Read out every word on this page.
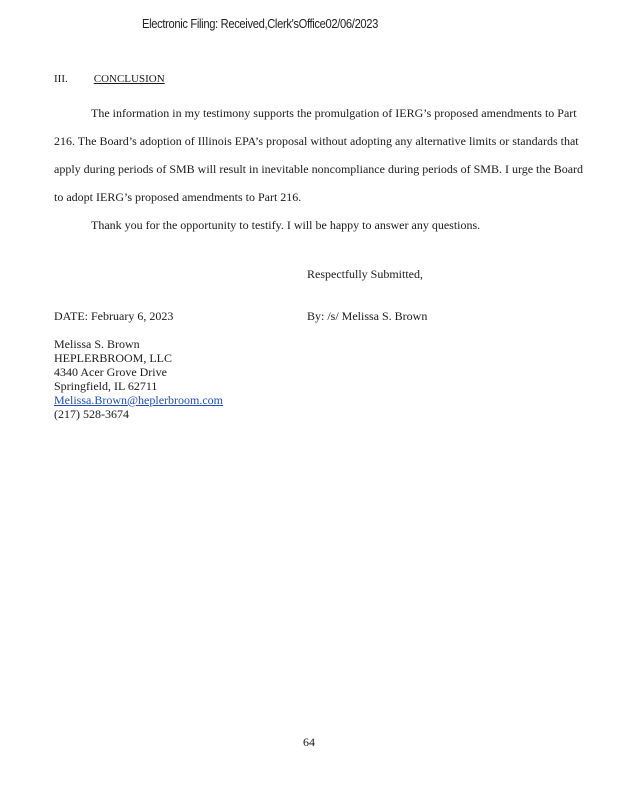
Electronic Filing: Received,Clerk'sOffice02/06/2023
III. CONCLUSION

The information in my testimony supports the promulgation of IERG’s proposed amendments to Part 216. The Board’s adoption of Illinois EPA’s proposal without adopting any alternative limits or standards that apply during periods of SMB will result in inevitable noncompliance during periods of SMB. I urge the Board to adopt IERG’s proposed amendments to Part 216.

Thank you for the opportunity to testify. I will be happy to answer any questions.

Respectfully Submitted,
DATE: February 6, 2023	By: /s/ Melissa S. Brown
Melissa S. Brown
HEPLERBROOM, LLC
4340 Acer Grove Drive
Springfield, IL 62711
Melissa.Brown@heplerbroom.com
(217) 528-3674
64
